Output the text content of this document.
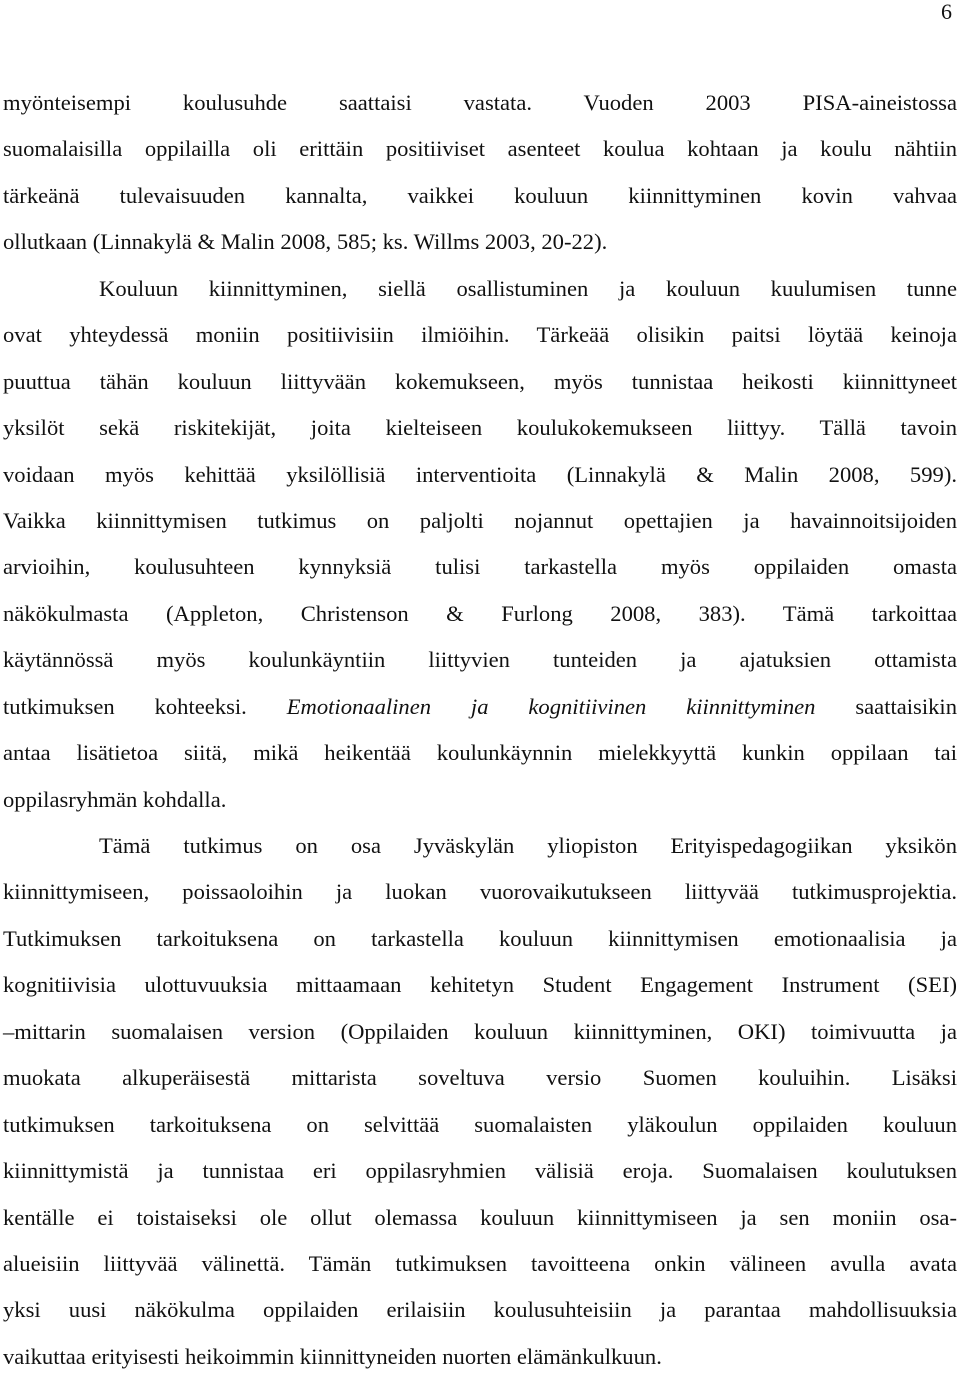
6
myönteisempi koulusuhde saattaisi vastata. Vuoden 2003 PISA-aineistossa
suomalaisilla oppilailla oli erittäin positiiviset asenteet koulua kohtaan ja koulu nähtiin
tärkeänä tulevaisuuden kannalta, vaikkei kouluun kiinnittyminen kovin vahvaa
ollutkaan (Linnakylä & Malin 2008, 585; ks. Willms 2003, 20-22).
Kouluun kiinnittyminen, siellä osallistuminen ja kouluun kuulumisen tunne
ovat yhteydessä moniin positiivisiin ilmiöihin. Tärkeää olisikin paitsi löytää keinoja
puuttua tähän kouluun liittyvään kokemukseen, myös tunnistaa heikosti kiinnittyneet
yksilöt sekä riskitekijät, joita kielteiseen koulukokemukseen liittyy. Tällä tavoin
voidaan myös kehittää yksilöllisiä interventioita (Linnakylä & Malin 2008, 599).
Vaikka kiinnittymisen tutkimus on paljolti nojannut opettajien ja havainnoitsijoiden
arvioihin, koulusuhteen kynnyksiä tulisi tarkastella myös oppilaiden omasta
näkökulmasta (Appleton, Christenson & Furlong 2008, 383). Tämä tarkoittaa
käytännössä myös koulunkäyntiin liittyvien tunteiden ja ajatuksien ottamista
tutkimuksen kohteeksi. Emotionaalinen ja kognitiivinen kiinnittyminen saattaisikin
antaa lisätietoa siitä, mikä heikentää koulunkäynnin mielekkyyttä kunkin oppilaan tai
oppilasryhmän kohdalla.
Tämä tutkimus on osa Jyväskylän yliopiston Erityispedagogiikan yksikön
kiinnittymiseen, poissaoloihin ja luokan vuorovaikutukseen liittyvää tutkimusprojektia.
Tutkimuksen tarkoituksena on tarkastella kouluun kiinnittymisen emotionaalisia ja
kognitiivisia ulottuvuuksia mittaamaan kehitetyn Student Engagement Instrument (SEI)
–mittarin suomalaisen version (Oppilaiden kouluun kiinnittyminen, OKI) toimivuutta ja
muokata alkuperäisestä mittarista soveltuva versio Suomen kouluihin. Lisäksi
tutkimuksen tarkoituksena on selvittää suomalaisten yläkoulun oppilaiden kouluun
kiinnittymistä ja tunnistaa eri oppilasryhmien välisiä eroja. Suomalaisen koulutuksen
kentälle ei toistaiseksi ole ollut olemassa kouluun kiinnittymiseen ja sen moniin osa-
alueisiin liittyvää välinettä. Tämän tutkimuksen tavoitteena onkin välineen avulla avata
yksi uusi näkökulma oppilaiden erilaisiin koulusuhteisiin ja parantaa mahdollisuuksia
vaikuttaa erityisesti heikoimmin kiinnittyneiden nuorten elämänkulkuun.
